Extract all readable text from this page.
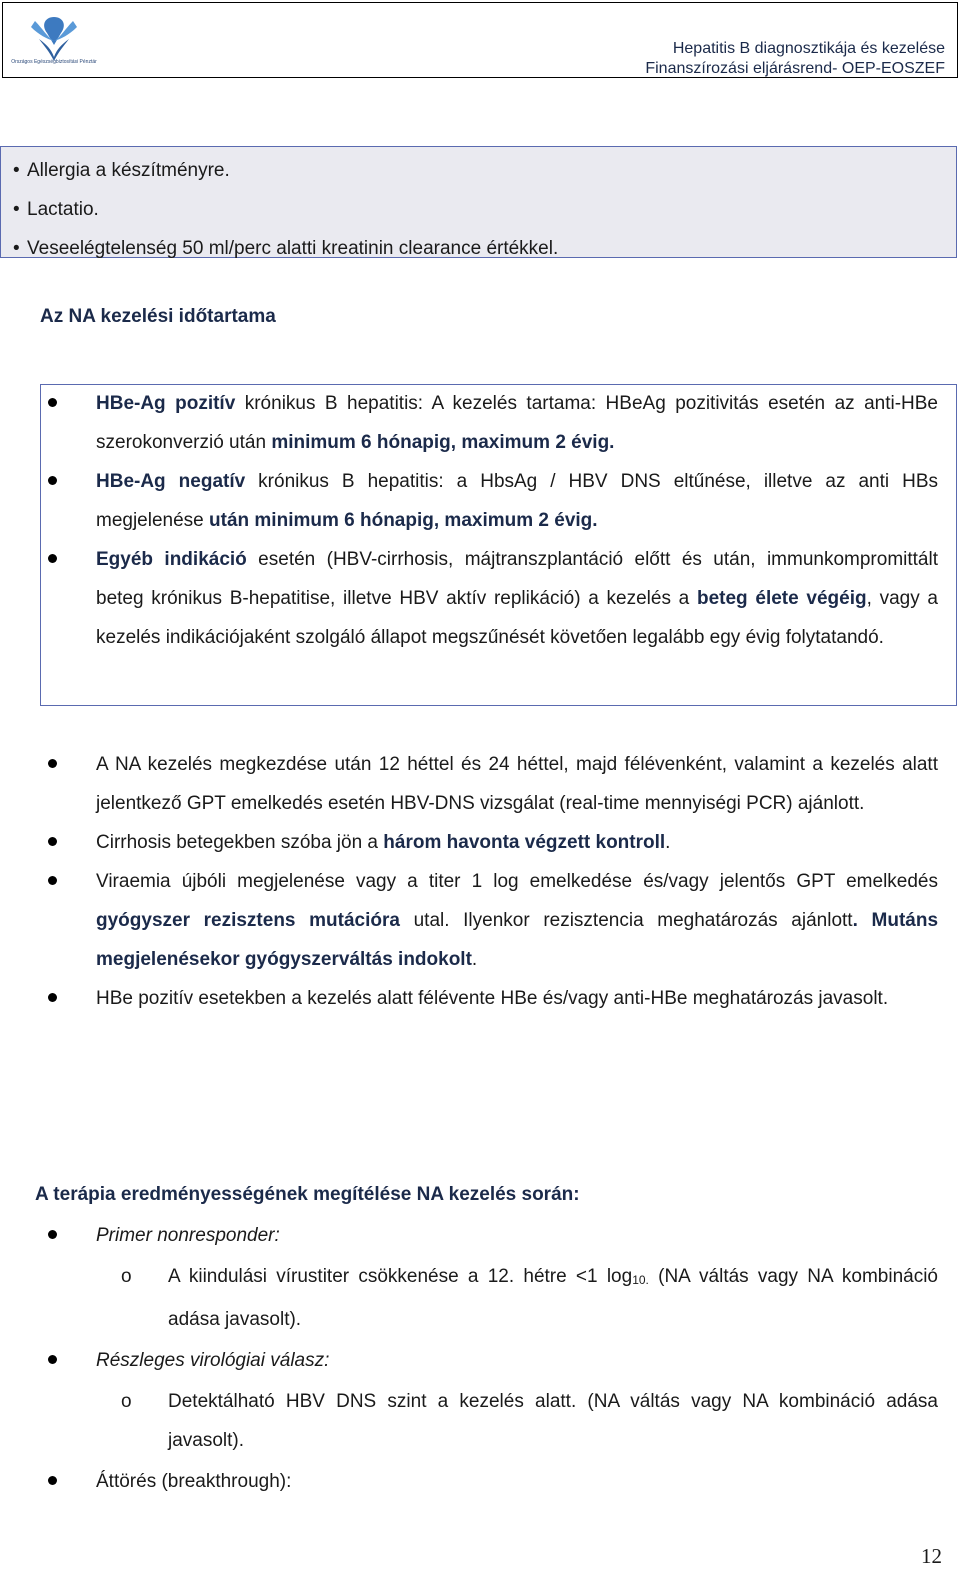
Országos Egészségbiztosítási Pénztár
Hepatitis B diagnosztikája és kezelése
Finanszírozási eljárásrend- OEP-EOSZEF
• Allergia a készítményre.
• Lactatio.
• Veseelégtelenség 50 ml/perc alatti kreatinin clearance értékkel.
Az NA kezelési időtartama
HBe-Ag pozitív krónikus B hepatitis: A kezelés tartama: HBeAg pozitivitás esetén az anti-HBe szerokonverzió után minimum 6 hónapig, maximum 2 évig.
HBe-Ag negatív krónikus B hepatitis: a HbsAg / HBV DNS eltűnése, illetve az anti HBs megjelenése után minimum 6 hónapig, maximum 2 évig.
Egyéb indikáció esetén (HBV-cirrhosis, májtranszplantáció előtt és után, immunkompromittált beteg krónikus B-hepatitise, illetve HBV aktív replikáció) a kezelés a beteg élete végéig, vagy a kezelés indikációjaként szolgáló állapot megszűnését követően legalább egy évig folytatandó.
A NA kezelés megkezdése után 12 héttel és 24 héttel, majd félévenként, valamint a kezelés alatt jelentkező GPT emelkedés esetén HBV-DNS vizsgálat (real-time mennyiségi PCR) ajánlott.
Cirrhosis betegekben szóba jön a három havonta végzett kontroll.
Viraemia újbóli megjelenése vagy a titer 1 log emelkedése és/vagy jelentős GPT emelkedés gyógyszer rezisztens mutációra utal. Ilyenkor rezisztencia meghatározás ajánlott. Mutáns megjelenésekor gyógyszerváltás indokolt.
HBe pozitív esetekben a kezelés alatt félévente HBe és/vagy anti-HBe meghatározás javasolt.
A terápia eredményességének megítélése NA kezelés során:
Primer nonresponder:
o A kiindulási vírustiter csökkenése a 12. hétre <1 $\log_{10.} (NA$ váltás vagy NA kombináció adása javasolt).
Részleges virológiai válasz:
o Detektálható HBV DNS szint a kezelés alatt. (NA váltás vagy NA kombináció adása javasolt).
Áttörés (breakthrough):
12
